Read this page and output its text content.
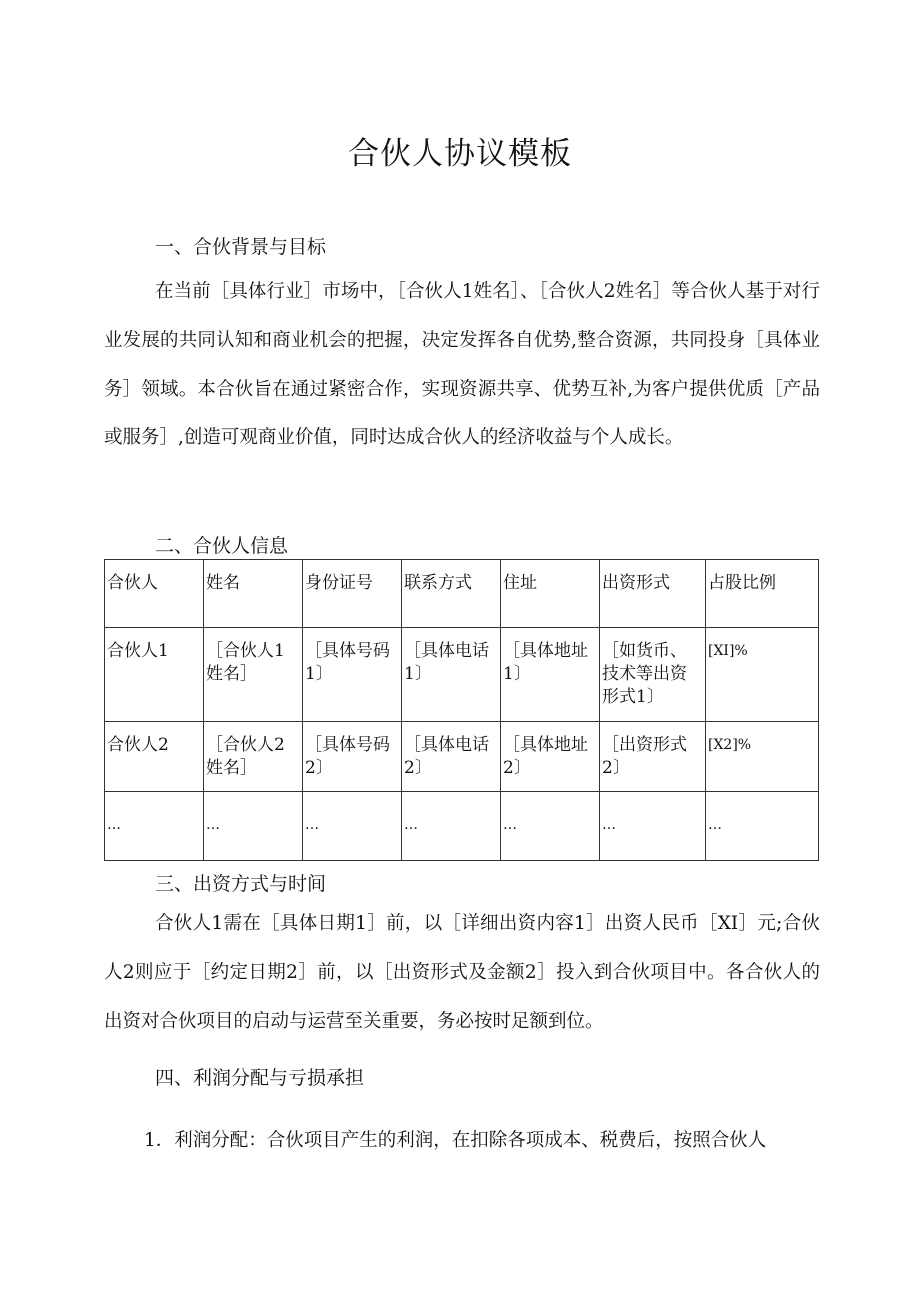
合伙人协议模板
一、合伙背景与目标

在当前［具体行业］市场中，［合伙人1姓名］、［合伙人2姓名］等合伙人基于对行业发展的共同认知和商业机会的把握，决定发挥各自优势,整合资源，共同投身［具体业务］领域。本合伙旨在通过紧密合作，实现资源共享、优势互补,为客户提供优质［产品或服务］,创造可观商业价值，同时达成合伙人的经济收益与个人成长。

二、合伙人信息
合伙人	姓名	身份证号	联系方式	住址	出资形式	占股比例
合伙人1	［合伙人1姓名］	［具体号码1〕	［具体电话1〕	［具体地址1〕	［如货币、技术等出资形式1〕	[XI]%
合伙人2	［合伙人2姓名］	［具体号码2〕	［具体电话2〕	［具体地址2〕	［出资形式2〕	[X2]%
…	…	…	…	…	…	…
三、出资方式与时间

合伙人1需在［具体日期1］前，以［详细出资内容1］出资人民币［XI］元;合伙人2则应于［约定日期2］前，以［出资形式及金额2］投入到合伙项目中。各合伙人的出资对合伙项目的启动与运营至关重要，务必按时足额到位。

四、利润分配与亏损承担

1．利润分配：合伙项目产生的利润，在扣除各项成本、税费后，按照合伙人
